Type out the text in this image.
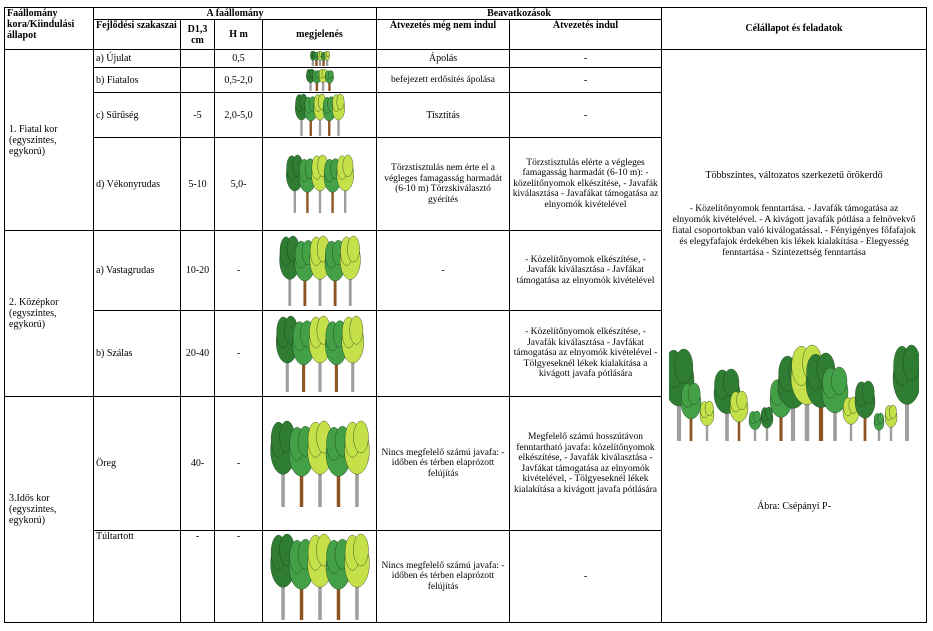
Faállomány kora/Kiindulási állapot	A faállomány				Beavatkozások		Célállapot és feladatok
	Fejlődési szakaszai	D1,3 cm	H m	megjelenés	Átvezetés még nem indul	Átvezetés indul	
1. Fiatal kor (egyszintes, egykorú)	a) Újulat		0,5		Ápolás	-	Többszintes, változatos szerkezetű örökerdő
- Közelítőnyomok fenntartása. - Javafák támogatása az elnyomók kivételével. - A kivágott javafák pótlása a felnövekvő fiatal csoportokban való kiválogatással. - Fényigényes főfafajok és elegyfafajok érdekében kis lékek kialakítása - Elegyesség fenntartása - Szintezettség fenntartása
Ábra: Csépányi P-

	b) Fiatalos		0,5-2,0		befejezett erdősítés ápolása	-	
	c) Sűrűség	-5	2,0-5,0		Tisztítás	-	
	d) Vékonyrudas	5-10	5,0-		Törzstisztulás nem érte el a végleges famagasság harmadát (6-10 m) Törzskiválasztó gyérítés	Törzstisztulás elérte a végleges famagasság harmadát (6-10 m): - közelítőnyomok elkészítése, - Javafák kiválasztása - Javafákat támogatása az elnyomók kivételével	
2. Középkor (egyszintes, egykorú)	a) Vastagrudas	10-20	-		-	- Közelítőnyomok elkészítése, - Javafák kiválasztása - Javfákat támogatása az elnyomók kivételével	
	b) Szálas	20-40	-			- Közelítőnyomok elkészítése, - Javafák kiválasztása - Javfákat támogatása az elnyomók kivételével - Tölgyeseknél lékek kialakítása a kivágott javafa pótlására	
3.Idős kor (egyszintes, egykorú)	Öreg	40-	-		Nincs megfelelő számú javafa: - időben és térben elaprózott felújítás	Megfelelő számú hosszútávon fenntartható javafa: közelítőnyomok elkészítése, - Javafák kiválasztása - Javfákat támogatása az elnyomók kivételével, - Tölgyeseknél lékek kialakítása a kivágott javafa pótlására	
	Túltartott	-	-		Nincs megfelelő számú javafa: - időben és térben elaprózott felújítás	-	
